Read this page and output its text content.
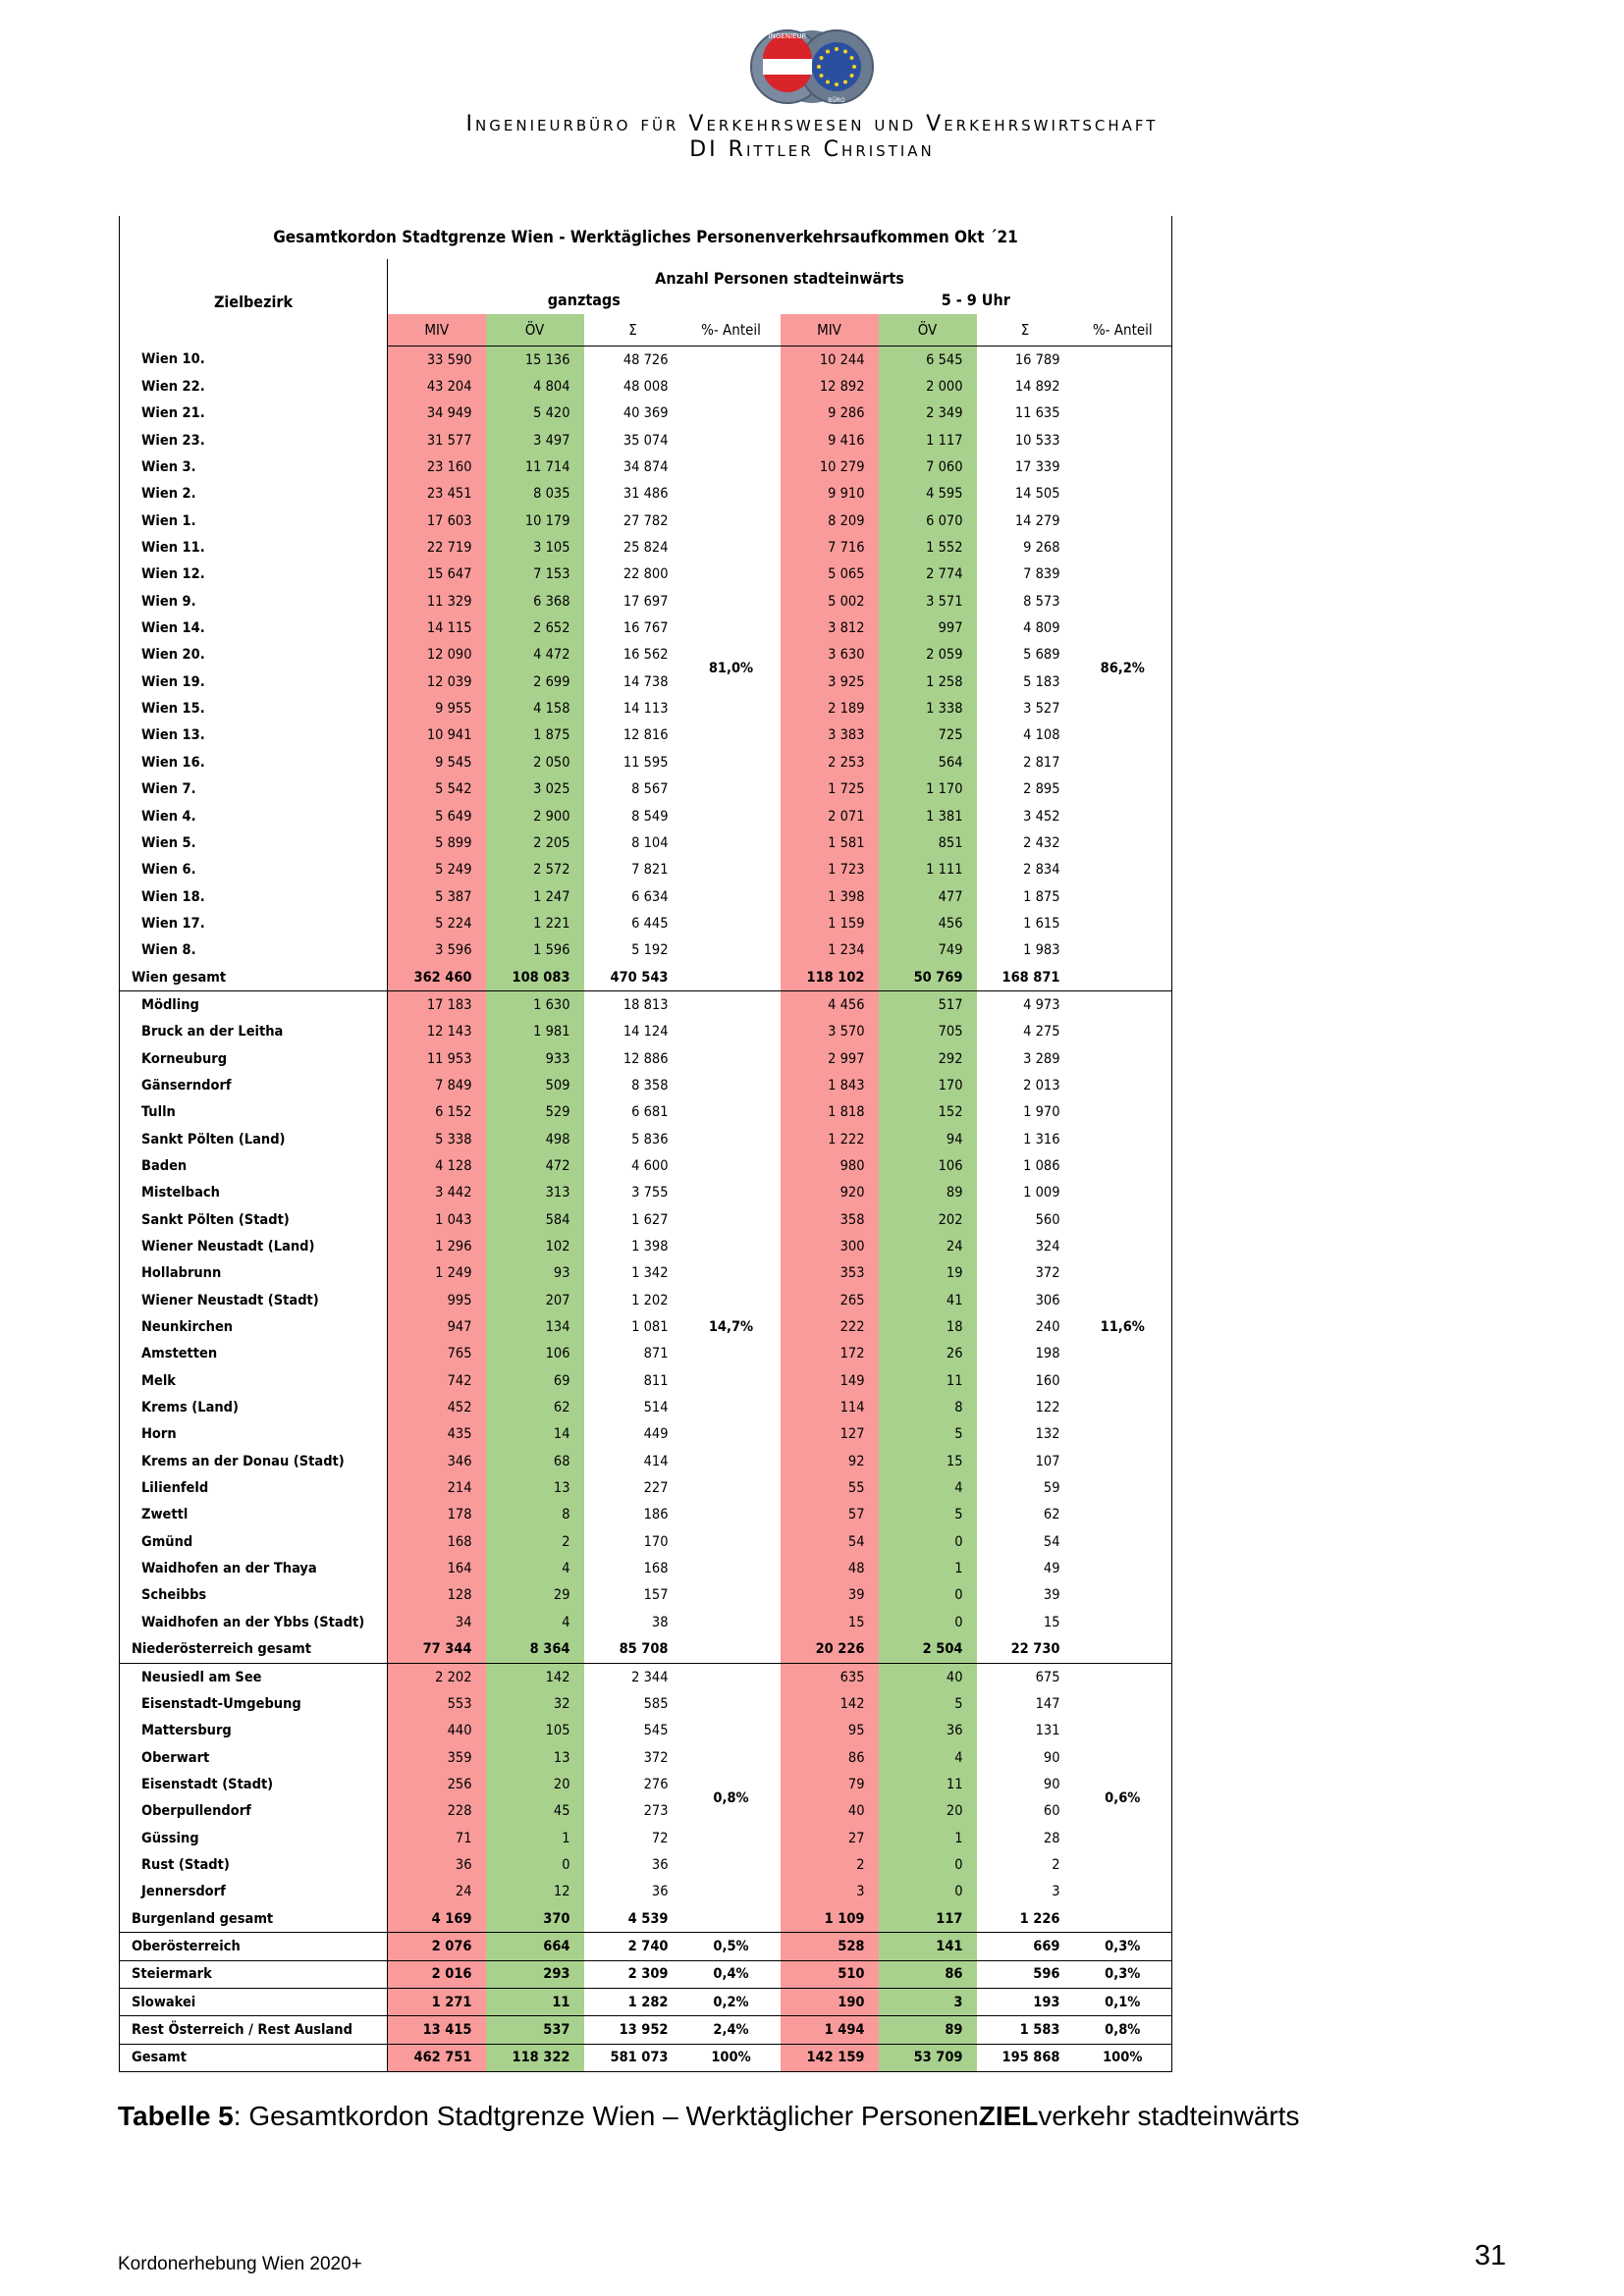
INGENIEUR
BÜRO
Ingenieurbüro für Verkehrswesen und Verkehrswirtschaft
DI Rittler Christian
Gesamtkordon Stadtgrenze Wien - Werktägliches Personenverkehrsaufkommen Okt ´21								
Zielbezirk	Anzahl Personen stadteinwärts							
	ganztags				5 - 9 Uhr			
	MIV	ÖV	Σ	%- Anteil	MIV	ÖV	Σ	%- Anteil
Wien 10.	33 590	15 136	48 726	81,0%	10 244	6 545	16 789	86,2%
Wien 22.	43 204	4 804	48 008		12 892	2 000	14 892	
Wien 21.	34 949	5 420	40 369		9 286	2 349	11 635	
Wien 23.	31 577	3 497	35 074		9 416	1 117	10 533	
Wien 3.	23 160	11 714	34 874		10 279	7 060	17 339	
Wien 2.	23 451	8 035	31 486		9 910	4 595	14 505	
Wien 1.	17 603	10 179	27 782		8 209	6 070	14 279	
Wien 11.	22 719	3 105	25 824		7 716	1 552	9 268	
Wien 12.	15 647	7 153	22 800		5 065	2 774	7 839	
Wien 9.	11 329	6 368	17 697		5 002	3 571	8 573	
Wien 14.	14 115	2 652	16 767		3 812	997	4 809	
Wien 20.	12 090	4 472	16 562		3 630	2 059	5 689	
Wien 19.	12 039	2 699	14 738		3 925	1 258	5 183	
Wien 15.	9 955	4 158	14 113		2 189	1 338	3 527	
Wien 13.	10 941	1 875	12 816		3 383	725	4 108	
Wien 16.	9 545	2 050	11 595		2 253	564	2 817	
Wien 7.	5 542	3 025	8 567		1 725	1 170	2 895	
Wien 4.	5 649	2 900	8 549		2 071	1 381	3 452	
Wien 5.	5 899	2 205	8 104		1 581	851	2 432	
Wien 6.	5 249	2 572	7 821		1 723	1 111	2 834	
Wien 18.	5 387	1 247	6 634		1 398	477	1 875	
Wien 17.	5 224	1 221	6 445		1 159	456	1 615	
Wien 8.	3 596	1 596	5 192		1 234	749	1 983	
Wien gesamt	362 460	108 083	470 543		118 102	50 769	168 871	
Mödling	17 183	1 630	18 813	14,7%	4 456	517	4 973	11,6%
Bruck an der Leitha	12 143	1 981	14 124		3 570	705	4 275	
Korneuburg	11 953	933	12 886		2 997	292	3 289	
Gänserndorf	7 849	509	8 358		1 843	170	2 013	
Tulln	6 152	529	6 681		1 818	152	1 970	
Sankt Pölten (Land)	5 338	498	5 836		1 222	94	1 316	
Baden	4 128	472	4 600		980	106	1 086	
Mistelbach	3 442	313	3 755		920	89	1 009	
Sankt Pölten (Stadt)	1 043	584	1 627		358	202	560	
Wiener Neustadt (Land)	1 296	102	1 398		300	24	324	
Hollabrunn	1 249	93	1 342		353	19	372	
Wiener Neustadt (Stadt)	995	207	1 202		265	41	306	
Neunkirchen	947	134	1 081		222	18	240	
Amstetten	765	106	871		172	26	198	
Melk	742	69	811		149	11	160	
Krems (Land)	452	62	514		114	8	122	
Horn	435	14	449		127	5	132	
Krems an der Donau (Stadt)	346	68	414		92	15	107	
Lilienfeld	214	13	227		55	4	59	
Zwettl	178	8	186		57	5	62	
Gmünd	168	2	170		54	0	54	
Waidhofen an der Thaya	164	4	168		48	1	49	
Scheibbs	128	29	157		39	0	39	
Waidhofen an der Ybbs (Stadt)	34	4	38		15	0	15	
Niederösterreich gesamt	77 344	8 364	85 708		20 226	2 504	22 730	
Neusiedl am See	2 202	142	2 344	0,8%	635	40	675	0,6%
Eisenstadt-Umgebung	553	32	585		142	5	147	
Mattersburg	440	105	545		95	36	131	
Oberwart	359	13	372		86	4	90	
Eisenstadt (Stadt)	256	20	276		79	11	90	
Oberpullendorf	228	45	273		40	20	60	
Güssing	71	1	72		27	1	28	
Rust (Stadt)	36	0	36		2	0	2	
Jennersdorf	24	12	36		3	0	3	
Burgenland gesamt	4 169	370	4 539		1 109	117	1 226	
Oberösterreich	2 076	664	2 740	0,5%	528	141	669	0,3%
Steiermark	2 016	293	2 309	0,4%	510	86	596	0,3%
Slowakei	1 271	11	1 282	0,2%	190	3	193	0,1%
Rest Österreich / Rest Ausland	13 415	537	13 952	2,4%	1 494	89	1 583	0,8%
Gesamt	462 751	118 322	581 073	100%	142 159	53 709	195 868	100%
Tabelle 5: Gesamtkordon Stadtgrenze Wien – Werktäglicher PersonenZIELverkehr stadteinwärts
Kordonerhebung Wien 2020+	31
